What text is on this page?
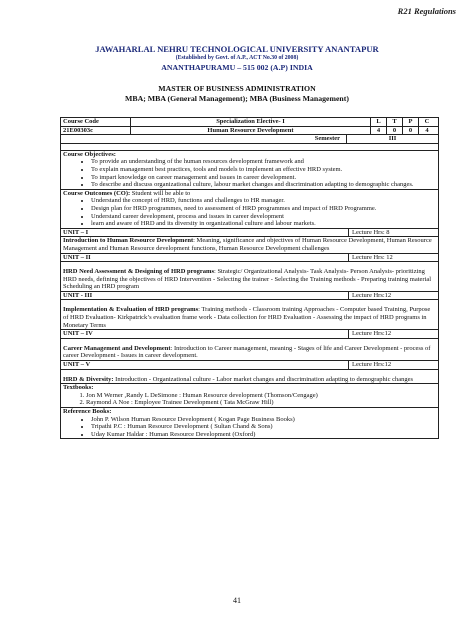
R21 Regulations
JAWAHARLAL NEHRU TECHNOLOGICAL UNIVERSITY ANANTAPUR
(Established by Govt. of A.P., ACT No.30 of 2008)
ANANTHAPURAMU – 515 002 (A.P) INDIA
MASTER OF BUSINESS ADMINISTRATION
MBA; MBA (General Management); MBA (Business Management)
Course Code	Specialization Elective- I	L	T	P	C
21E00303c	Human Resource Development	4	0	0	4
Semester	III
Course Objectives:
• To provide an understanding of the human resources development framework and
• To explain management best practices, tools and models to implement an effective HRD system.
• To impart knowledge on career management and issues in career development.
• To describe and discuss organizational culture, labour market changes and discrimination adapting to demographic changes.
Course Outcomes (CO): Student will be able to
• Understand the concept of HRD, functions and challenges to HR manager.
• Design plan for HRD programmes, need to assessment of HRD programmes and impact of HRD Programme.
• Understand career development, process and issues in career development
• learn and aware of HRD and its diversity in organizational culture and labour markets.
UNIT – I	Lecture Hrs: 8
Introduction to Human Resource Development: Meaning, significance and objectives of Human Resource Development, Human Resource Management and Human Resource development functions, Human Resource Development challenges
UNIT – II	Lecture Hrs: 12
HRD Need Assessment & Designing of HRD programs: Strategic/ Organizational Analysis- Task Analysis- Person Analysis- prioritizing HRD needs, defining the objectives of HRD Intervention - Selecting the trainer - Selecting the Training methods - Preparing training material Scheduling an HRD program
UNIT - III	Lecture Hrs:12
Implementation & Evaluation of HRD programs: Training methods - Classroom training Approaches - Computer based Training, Purpose of HRD Evaluation- Kirkpatrick’s evaluation frame work - Data collection for HRD Evaluation - Assessing the impact of HRD programs in Monetary Terms
UNIT – IV	Lecture Hrs:12
Career Management and Development: Introduction to Career management, meaning - Stages of life and Career Development - process of career Development - Issues in career development.
UNIT – V	Lecture Hrs:12
HRD & Diversity: Introduction - Organizational culture - Labor market changes and discrimination adapting to demographic changes
Textbooks:
1. Jon M Werner ,Randy L DeSimone : Human Resource development (Thomson/Cengage)
2. Raymond A Noe : Employee Trainee Development ( Tata McGraw Hill)
Reference Books:
• John P. Wilson Human Resource Development ( Kogan Page Business Books)
• Tripathi P.C : Human Resource Development ( Sultan Chand & Sons)
• Uday Kumar Haldar : Human Resource Development (Oxford)
41
